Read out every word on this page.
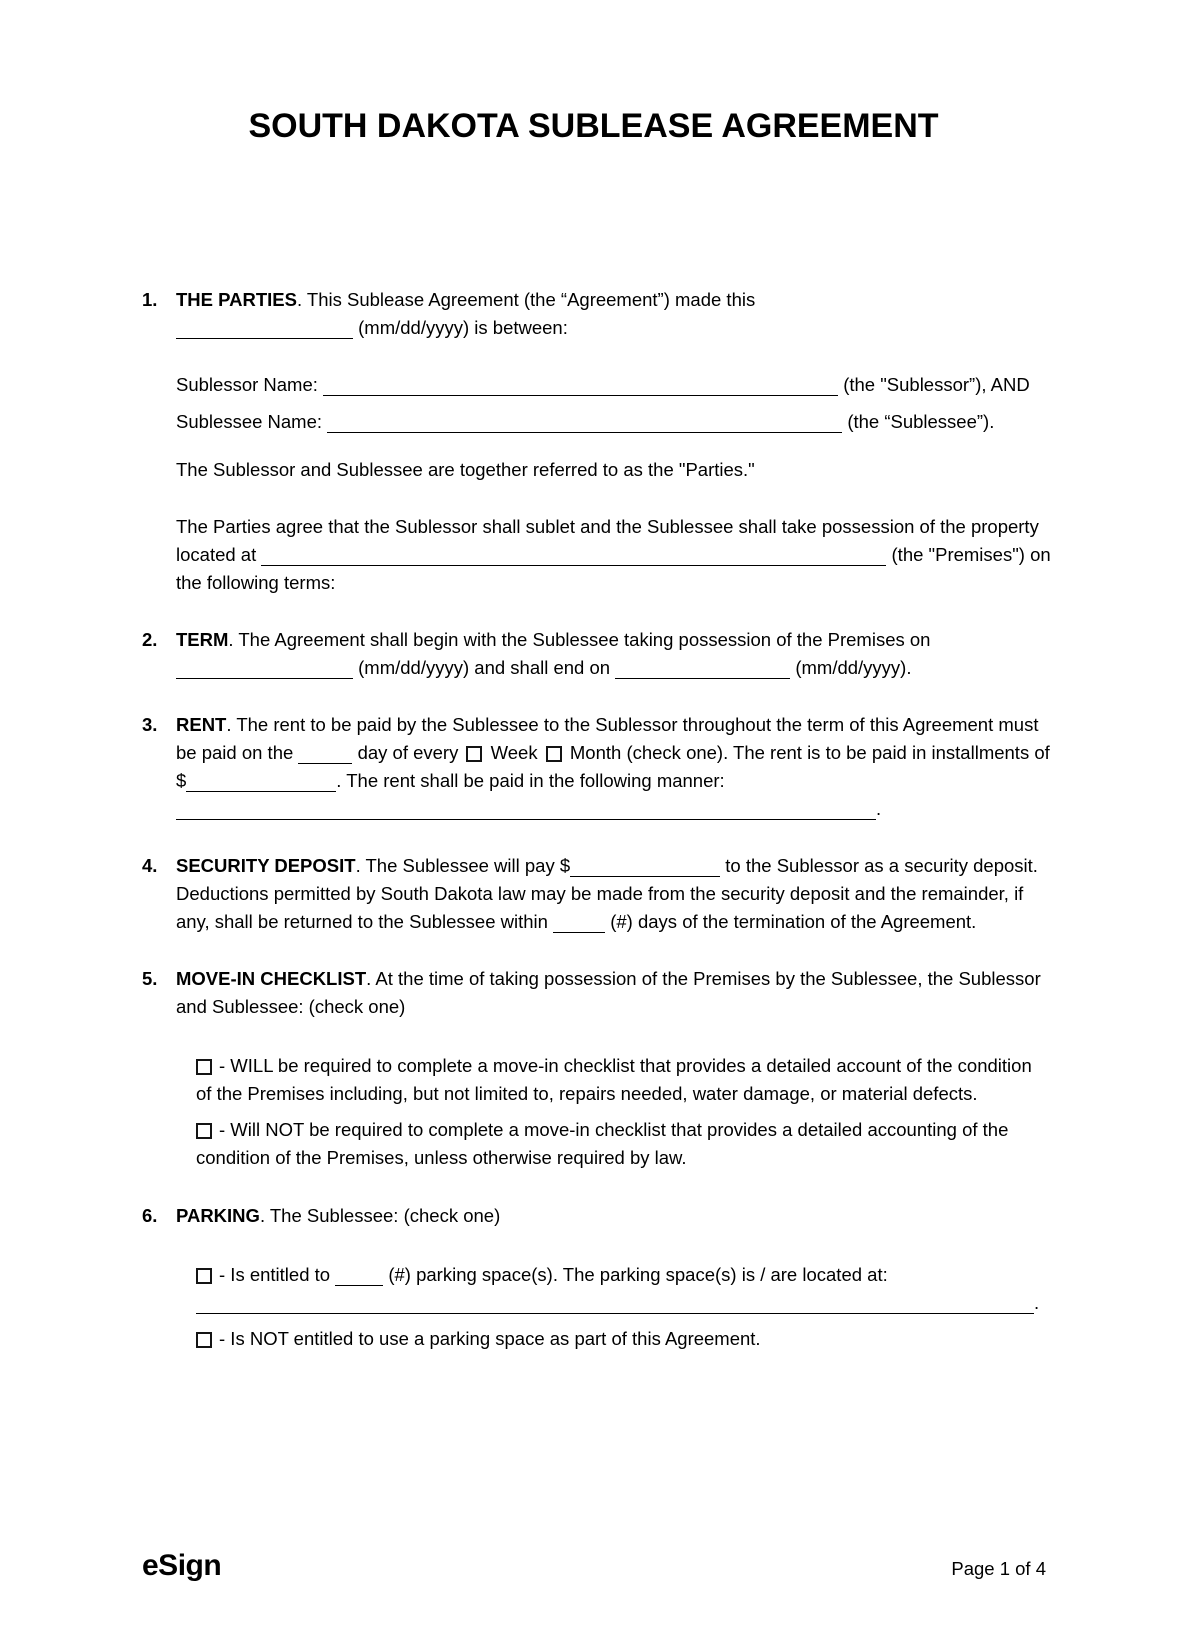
SOUTH DAKOTA SUBLEASE AGREEMENT
1.	THE PARTIES. This Sublease Agreement (the “Agreement”) made this
(mm/dd/yyyy) is between:

Sublessor Name:	(the "Sublessor”), AND

Sublessee Name:	(the “Sublessee”).

The Sublessor and Sublessee are together referred to as the "Parties."

The Parties agree that the Sublessor shall sublet and the Sublessee shall take possession of the property located at	(the "Premises") on the following terms:

2.	TERM. The Agreement shall begin with the Sublessee taking possession of the Premises on
(mm/dd/yyyy) and shall end on	(mm/dd/yyyy).

3.	RENT. The rent to be paid by the Sublessee to the Sublessor throughout the term of this Agreement must be paid on the	day of every Week Month (check one). The rent is to be paid in installments of $	. The rent shall be paid in the following manner: .

4.	SECURITY DEPOSIT. The Sublessee will pay $	to the Sublessor as a security deposit. Deductions permitted by South Dakota law may be made from the security deposit and the remainder, if any, shall be returned to the Sublessee within	(#) days of the termination of the Agreement.

5.	MOVE-IN CHECKLIST. At the time of taking possession of the Premises by the Sublessee, the Sublessor and Sublessee: (check one)

- WILL be required to complete a move-in checklist that provides a detailed account of the condition of the Premises including, but not limited to, repairs needed, water damage, or material defects.

- Will NOT be required to complete a move-in checklist that provides a detailed accounting of the condition of the Premises, unless otherwise required by law.

6.	PARKING. The Sublessee: (check one)

- Is entitled to	(#) parking space(s). The parking space(s) is / are located at: .

- Is NOT entitled to use a parking space as part of this Agreement.

eSign	Page 1 of 4
